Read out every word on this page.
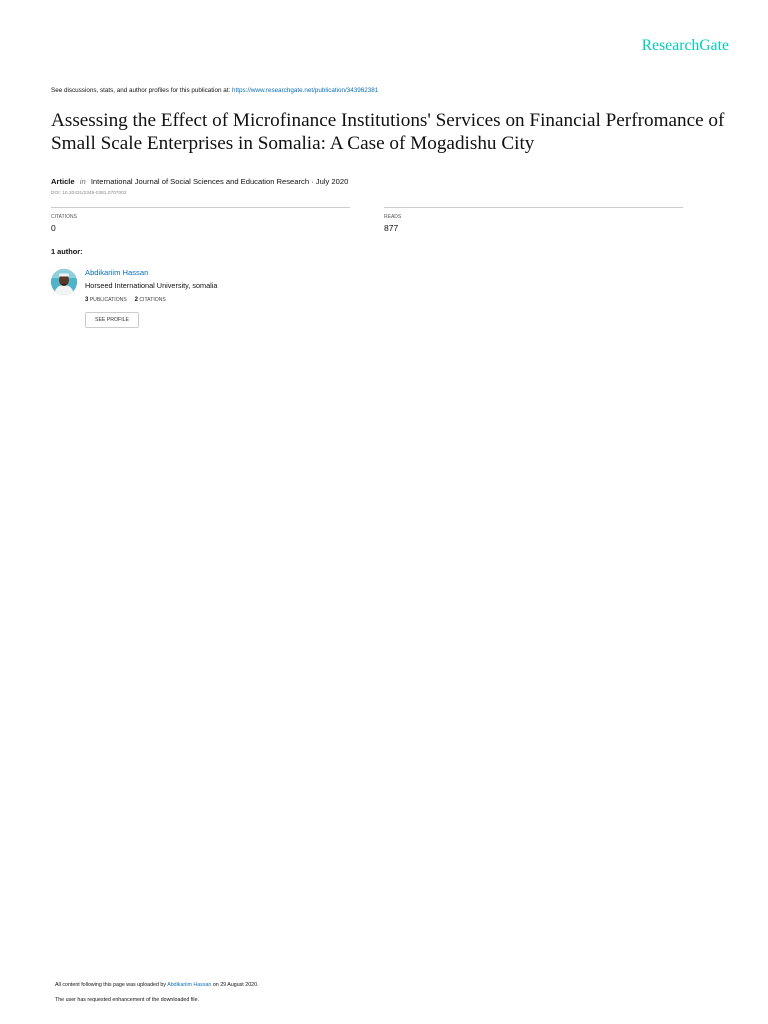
ResearchGate
See discussions, stats, and author profiles for this publication at: https://www.researchgate.net/publication/343962381
Assessing the Effect of Microfinance Institutions' Services on Financial Perfromance of Small Scale Enterprises in Somalia: A Case of Mogadishu City
Article in International Journal of Social Sciences and Education Research · July 2020
DOI: 10.20431/2349-0381.0707003
CITATIONS
0
READS
877
1 author:
Abdikariim Hassan
Horseed International University, somalia
3 PUBLICATIONS 2 CITATIONS
SEE PROFILE
All content following this page was uploaded by Abdikariim Hassan on 29 August 2020.
The user has requested enhancement of the downloaded file.
